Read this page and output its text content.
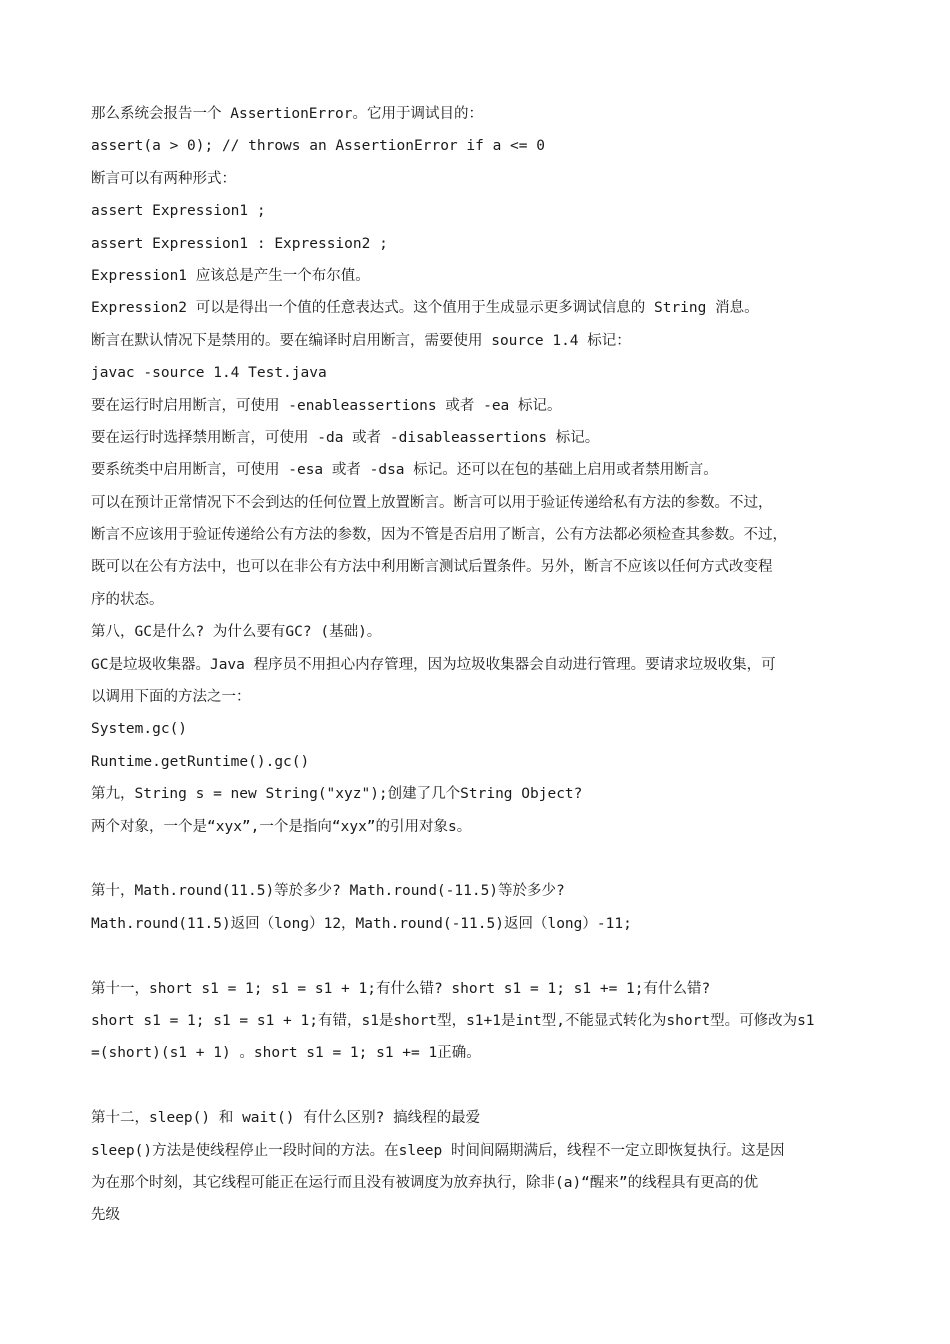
那么系统会报告一个 AssertionError。它用于调试目的：
assert(a > 0); // throws an AssertionError if a <= 0
断言可以有两种形式：
assert Expression1 ;
assert Expression1 : Expression2 ;
Expression1 应该总是产生一个布尔值。
Expression2 可以是得出一个值的任意表达式。这个值用于生成显示更多调试信息的 String 消息。
断言在默认情况下是禁用的。要在编译时启用断言，需要使用 source 1.4 标记：
javac -source 1.4 Test.java
要在运行时启用断言，可使用 -enableassertions 或者 -ea 标记。
要在运行时选择禁用断言，可使用 -da 或者 -disableassertions 标记。
要系统类中启用断言，可使用 -esa 或者 -dsa 标记。还可以在包的基础上启用或者禁用断言。
可以在预计正常情况下不会到达的任何位置上放置断言。断言可以用于验证传递给私有方法的参数。不过，
断言不应该用于验证传递给公有方法的参数，因为不管是否启用了断言，公有方法都必须检查其参数。不过，
既可以在公有方法中，也可以在非公有方法中利用断言测试后置条件。另外，断言不应该以任何方式改变程
序的状态。
第八，GC是什么? 为什么要有GC? (基础)。
GC是垃圾收集器。Java 程序员不用担心内存管理，因为垃圾收集器会自动进行管理。要请求垃圾收集，可
以调用下面的方法之一：
System.gc()
Runtime.getRuntime().gc()
第九，String s = new String("xyz");创建了几个String Object?
两个对象，一个是“xyx”,一个是指向“xyx”的引用对象s。
第十，Math.round(11.5)等於多少? Math.round(-11.5)等於多少?
Math.round(11.5)返回（long）12，Math.round(-11.5)返回（long）-11;
第十一，short s1 = 1; s1 = s1 + 1;有什么错? short s1 = 1; s1 += 1;有什么错?
short s1 = 1; s1 = s1 + 1;有错，s1是short型，s1+1是int型,不能显式转化为short型。可修改为s1
=(short)(s1 + 1) 。short s1 = 1; s1 += 1正确。
第十二，sleep() 和 wait() 有什么区别? 搞线程的最爱
sleep()方法是使线程停止一段时间的方法。在sleep 时间间隔期满后，线程不一定立即恢复执行。这是因
为在那个时刻，其它线程可能正在运行而且没有被调度为放弃执行，除非(a)“醒来”的线程具有更高的优
先级
